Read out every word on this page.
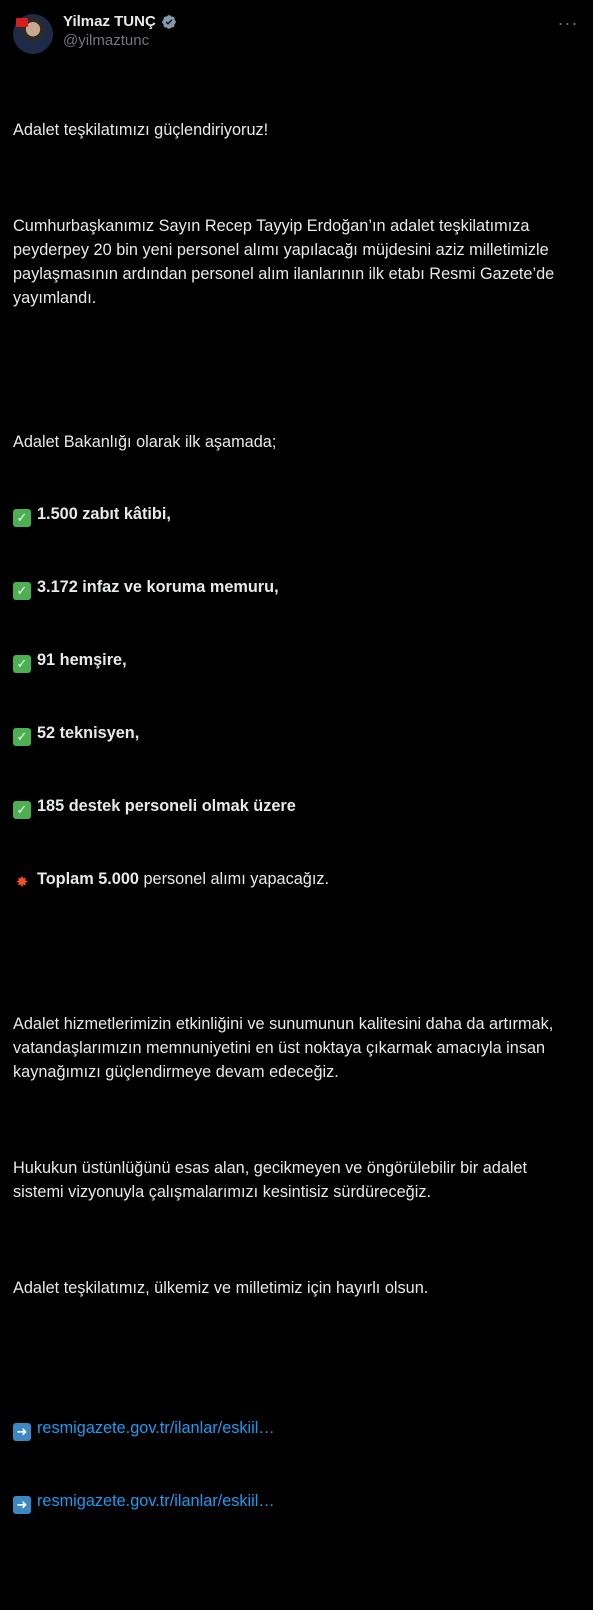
Yilmaz TUNÇ
@yilmaztunc
···

Adalet teşkilatımızı güçlendiriyoruz!

Cumhurbaşkanımız Sayın Recep Tayyip Erdoğan’ın adalet teşkilatımıza peyderpey 20 bin yeni personel alımı yapılacağı müjdesini aziz milletimizle paylaşmasının ardından personel alım ilanlarının ilk etabı Resmi Gazete’de yayımlandı.

Adalet Bakanlığı olarak ilk aşamada;

✓ 1.500 zabıt kâtibi,

✓ 3.172 infaz ve koruma memuru,

✓ 91 hemşire,

✓ 52 teknisyen,

✓ 185 destek personeli olmak üzere

✸ Toplam 5.000 personel alımı yapacağız.

Adalet hizmetlerimizin etkinliğini ve sunumunun kalitesini daha da artırmak, vatandaşlarımızın memnuniyetini en üst noktaya çıkarmak amacıyla insan kaynağımızı güçlendirmeye devam edeceğiz.

Hukukun üstünlüğünü esas alan, gecikmeyen ve öngörülebilir bir adalet sistemi vizyonuyla çalışmalarımızı kesintisiz sürdüreceğiz.

Adalet teşkilatımız, ülkemiz ve milletimiz için hayırlı olsun.

➜ resmigazete.gov.tr/ilanlar/eskiil…

➜ resmigazete.gov.tr/ilanlar/eskiil…
